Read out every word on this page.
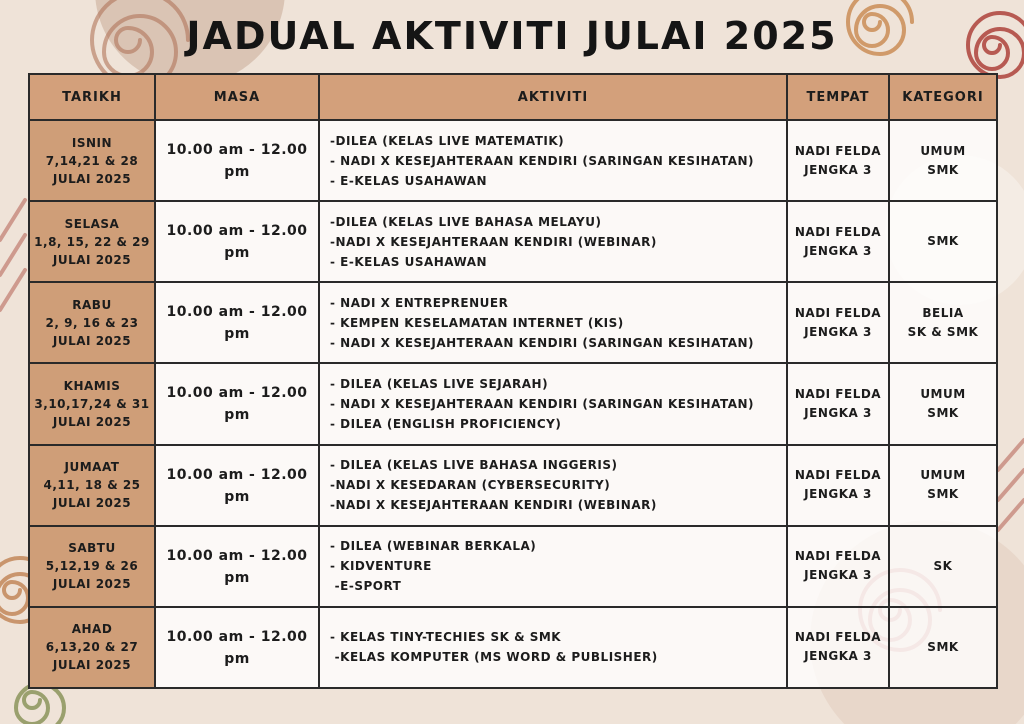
JADUAL AKTIVITI JULAI 2025
TARIKH	MASA	AKTIVITI	TEMPAT	KATEGORI

ISNIN
7,14,21 & 28
JULAI 2025	10.00 am - 12.00 pm	-DILEA (KELAS LIVE MATEMATIK)
- NADI X KESEJAHTERAAN KENDIRI (SARINGAN KESIHATAN)
- E-KELAS USAHAWAN	NADI FELDA
JENGKA 3	UMUM
SMK

SELASA
1,8, 15, 22 & 29
JULAI 2025	10.00 am - 12.00 pm	-DILEA (KELAS LIVE BAHASA MELAYU)
-NADI X KESEJAHTERAAN KENDIRI (WEBINAR)
- E-KELAS USAHAWAN	NADI FELDA
JENGKA 3	SMK

RABU
2, 9, 16 & 23
JULAI 2025	10.00 am - 12.00 pm	- NADI X ENTREPRENUER
- KEMPEN KESELAMATAN INTERNET (KIS)
- NADI X KESEJAHTERAAN KENDIRI (SARINGAN KESIHATAN)	NADI FELDA
JENGKA 3	BELIA
SK & SMK

KHAMIS
3,10,17,24 & 31
JULAI 2025	10.00 am - 12.00 pm	- DILEA (KELAS LIVE SEJARAH)
- NADI X KESEJAHTERAAN KENDIRI (SARINGAN KESIHATAN)
- DILEA (ENGLISH PROFICIENCY)	NADI FELDA
JENGKA 3	UMUM
SMK

JUMAAT
4,11, 18 & 25
JULAI 2025	10.00 am - 12.00 pm	- DILEA (KELAS LIVE BAHASA INGGERIS)
-NADI X KESEDARAN (CYBERSECURITY)
-NADI X KESEJAHTERAAN KENDIRI (WEBINAR)	NADI FELDA
JENGKA 3	UMUM
SMK

SABTU
5,12,19 & 26
JULAI 2025	10.00 am - 12.00 pm	- DILEA (WEBINAR BERKALA)
- KIDVENTURE
-E-SPORT	NADI FELDA
JENGKA 3	SK

AHAD
6,13,20 & 27
JULAI 2025	10.00 am - 12.00 pm	- KELAS TINY-TECHIES SK & SMK
-KELAS KOMPUTER (MS WORD & PUBLISHER)	NADI FELDA
JENGKA 3	SMK
